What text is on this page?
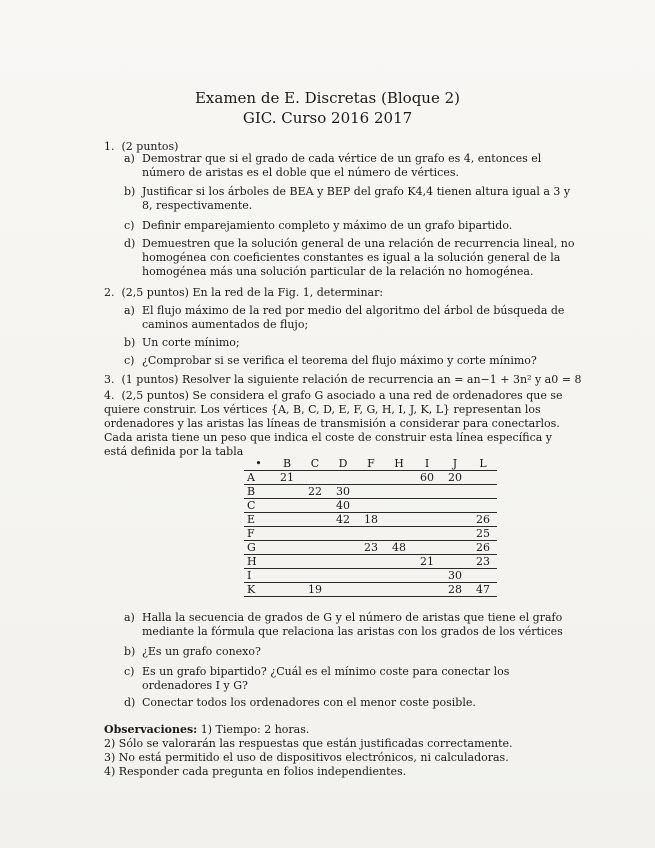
Examen de E. Discretas (Bloque 2)
GIC. Curso 2016 2017
1. (2 puntos)
a) Demostrar que si el grado de cada vértice de un grafo es 4, entonces el número de aristas es el doble que el número de vértices.
b) Justificar si los árboles de BEA y BEP del grafo K4,4 tienen altura igual a 3 y 8, respectivamente.
c) Definir emparejamiento completo y máximo de un grafo bipartido.
d) Demuestren que la solución general de una relación de recurrencia lineal, no homogénea con coeficientes constantes es igual a la solución general de la homogénea más una solución particular de la relación no homogénea.
2. (2,5 puntos) En la red de la Fig. 1, determinar:
a) El flujo máximo de la red por medio del algoritmo del árbol de búsqueda de caminos aumentados de flujo;
b) Un corte mínimo;
c) ¿Comprobar si se verifica el teorema del flujo máximo y corte mínimo?
3. (1 puntos) Resolver la siguiente relación de recurrencia an = an−1 + 3n² y a0 = 8
4. (2,5 puntos) Se considera el grafo G asociado a una red de ordenadores que se quiere construir. Los vértices {A, B, C, D, E, F, G, H, I, J, K, L} representan los ordenadores y las aristas las líneas de transmisión a considerar para conectarlos. Cada arista tiene un peso que indica el coste de construir esta línea específica y está definida por la tabla
a) Halla la secuencia de grados de G y el número de aristas que tiene el grafo mediante la fórmula que relaciona las aristas con los grados de los vértices
b) ¿Es un grafo conexo?
c) Es un grafo bipartido? ¿Cuál es el mínimo coste para conectar los ordenadores I y G?
d) Conectar todos los ordenadores con el menor coste posible.
Observaciones: 1) Tiempo: 2 horas.
2) Sólo se valorarán las respuestas que están justificadas correctamente.
3) No está permitido el uso de dispositivos electrónicos, ni calculadoras.
4) Responder cada pregunta en folios independientes.
•	B	C	D	F	H	I	J	L
A	21					60	20	
B		22	30					
C			40					
E			42	18				26
F								25
G				23	48			26
H						21		23
I							30	
K		19					28	47
